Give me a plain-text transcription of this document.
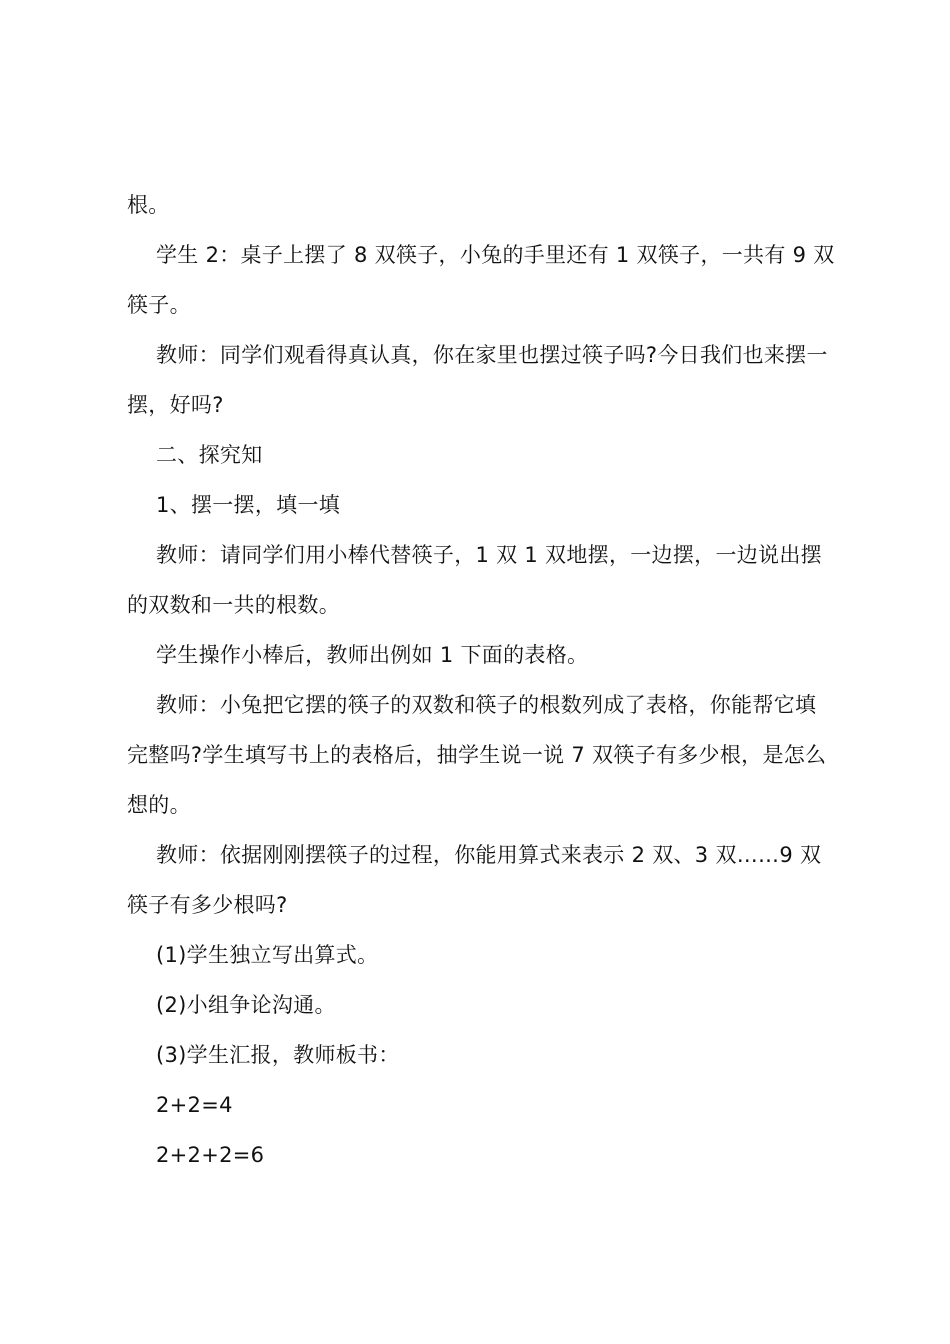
根。

学生 2：桌子上摆了 8 双筷子，小兔的手里还有 1 双筷子，一共有 9 双筷子。

教师：同学们观看得真认真，你在家里也摆过筷子吗?今日我们也来摆一摆，好吗?

二、探究知

1、摆一摆，填一填

教师：请同学们用小棒代替筷子，1 双 1 双地摆，一边摆，一边说出摆的双数和一共的根数。

学生操作小棒后，教师出例如 1 下面的表格。

教师：小兔把它摆的筷子的双数和筷子的根数列成了表格，你能帮它填完整吗?学生填写书上的表格后，抽学生说一说 7 双筷子有多少根，是怎么想的。

教师：依据刚刚摆筷子的过程，你能用算式来表示 2 双、3 双……9 双筷子有多少根吗?

(1)学生独立写出算式。

(2)小组争论沟通。

(3)学生汇报，教师板书：

2+2=4

2+2+2=6
